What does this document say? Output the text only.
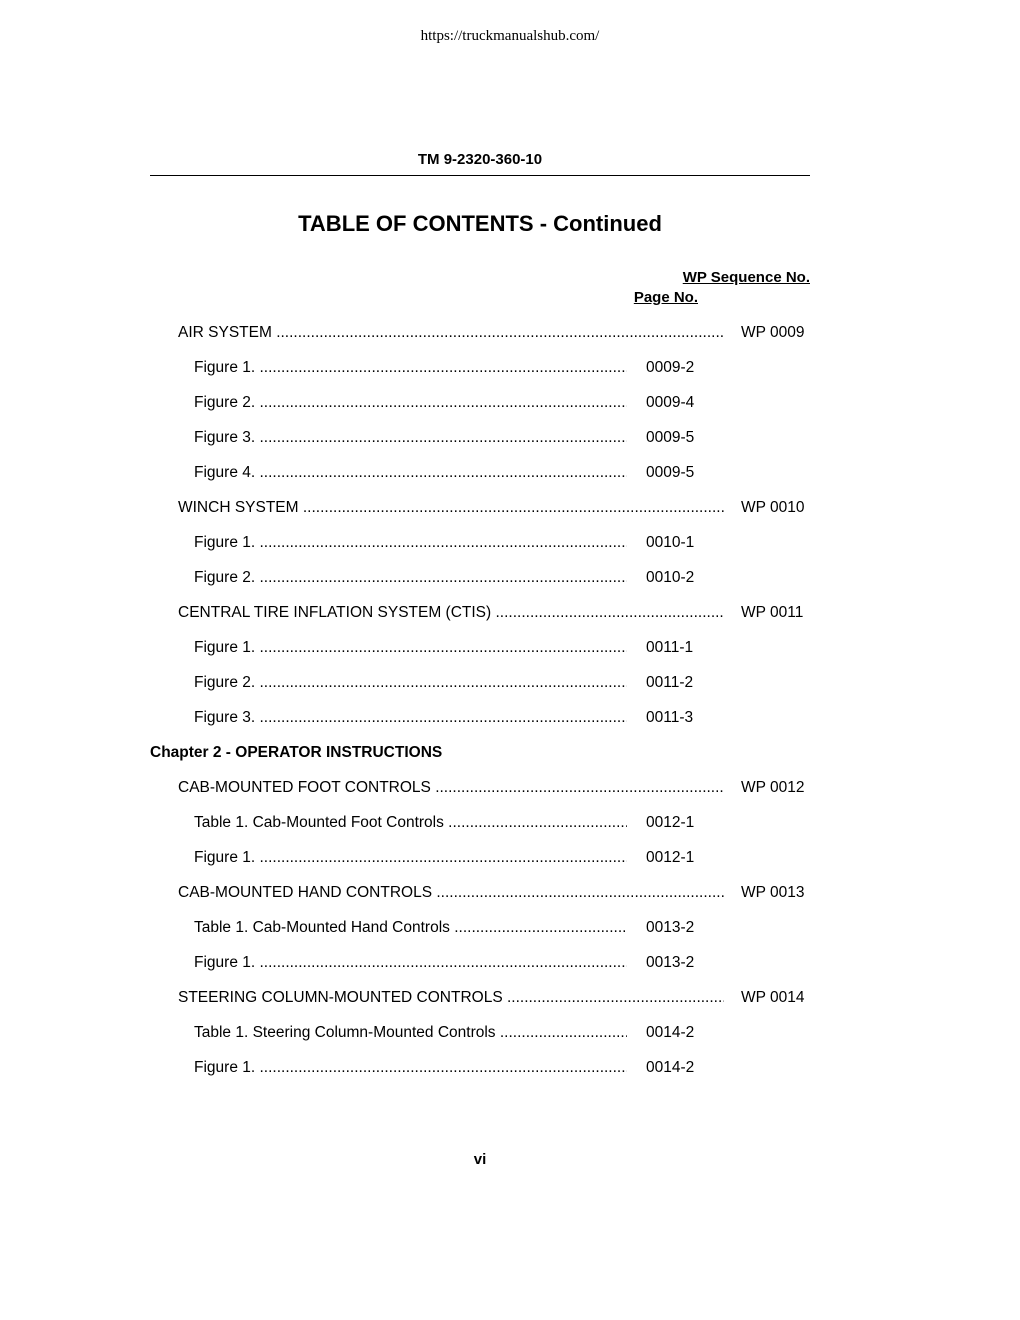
https://truckmanualshub.com/
TM 9-2320-360-10
TABLE OF CONTENTS - Continued
WP Sequence No.
Page No.
AIR SYSTEM .....	WP 0009
Figure 1. .....	0009-2
Figure 2. .....	0009-4
Figure 3. .....	0009-5
Figure 4. .....	0009-5
WINCH SYSTEM .....	WP 0010
Figure 1. .....	0010-1
Figure 2. .....	0010-2
CENTRAL TIRE INFLATION SYSTEM (CTIS) .....	WP 0011
Figure 1. .....	0011-1
Figure 2. .....	0011-2
Figure 3. .....	0011-3
Chapter 2 - OPERATOR INSTRUCTIONS
CAB-MOUNTED FOOT CONTROLS .....	WP 0012
Table 1. Cab-Mounted Foot Controls .....	0012-1
Figure 1. .....	0012-1
CAB-MOUNTED HAND CONTROLS .....	WP 0013
Table 1. Cab-Mounted Hand Controls .....	0013-2
Figure 1. .....	0013-2
STEERING COLUMN-MOUNTED CONTROLS .....	WP 0014
Table 1. Steering Column-Mounted Controls .....	0014-2
Figure 1. .....	0014-2
vi
